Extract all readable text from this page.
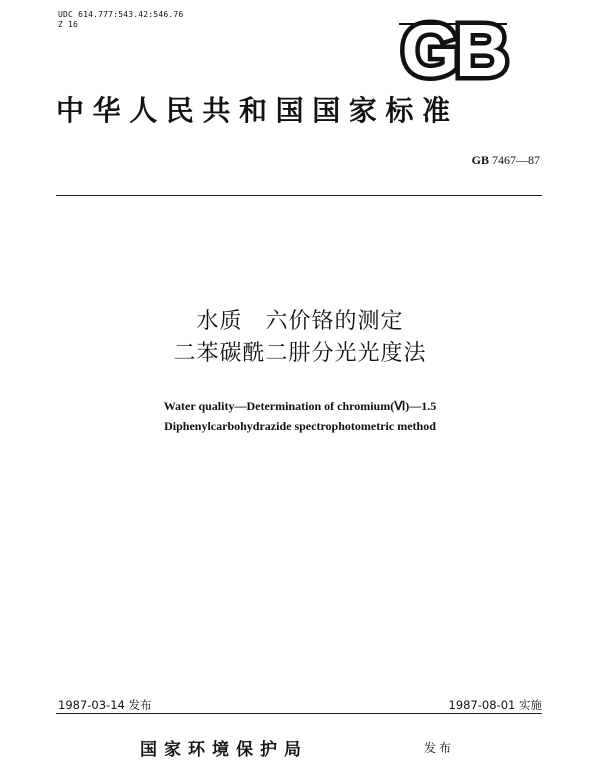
UDC 614.777:543.42:546.76
Z 16	GB
中华人民共和国国家标准
GB 7467—87
水质　六价铬的测定
二苯碳酰二肼分光光度法
Water quality—Determination of chromium(Ⅵ)—1.5
Diphenylcarbohydrazide spectrophotometric method
1987-03-14 发布	1987-08-01 实施
国家环境保护局	发布
